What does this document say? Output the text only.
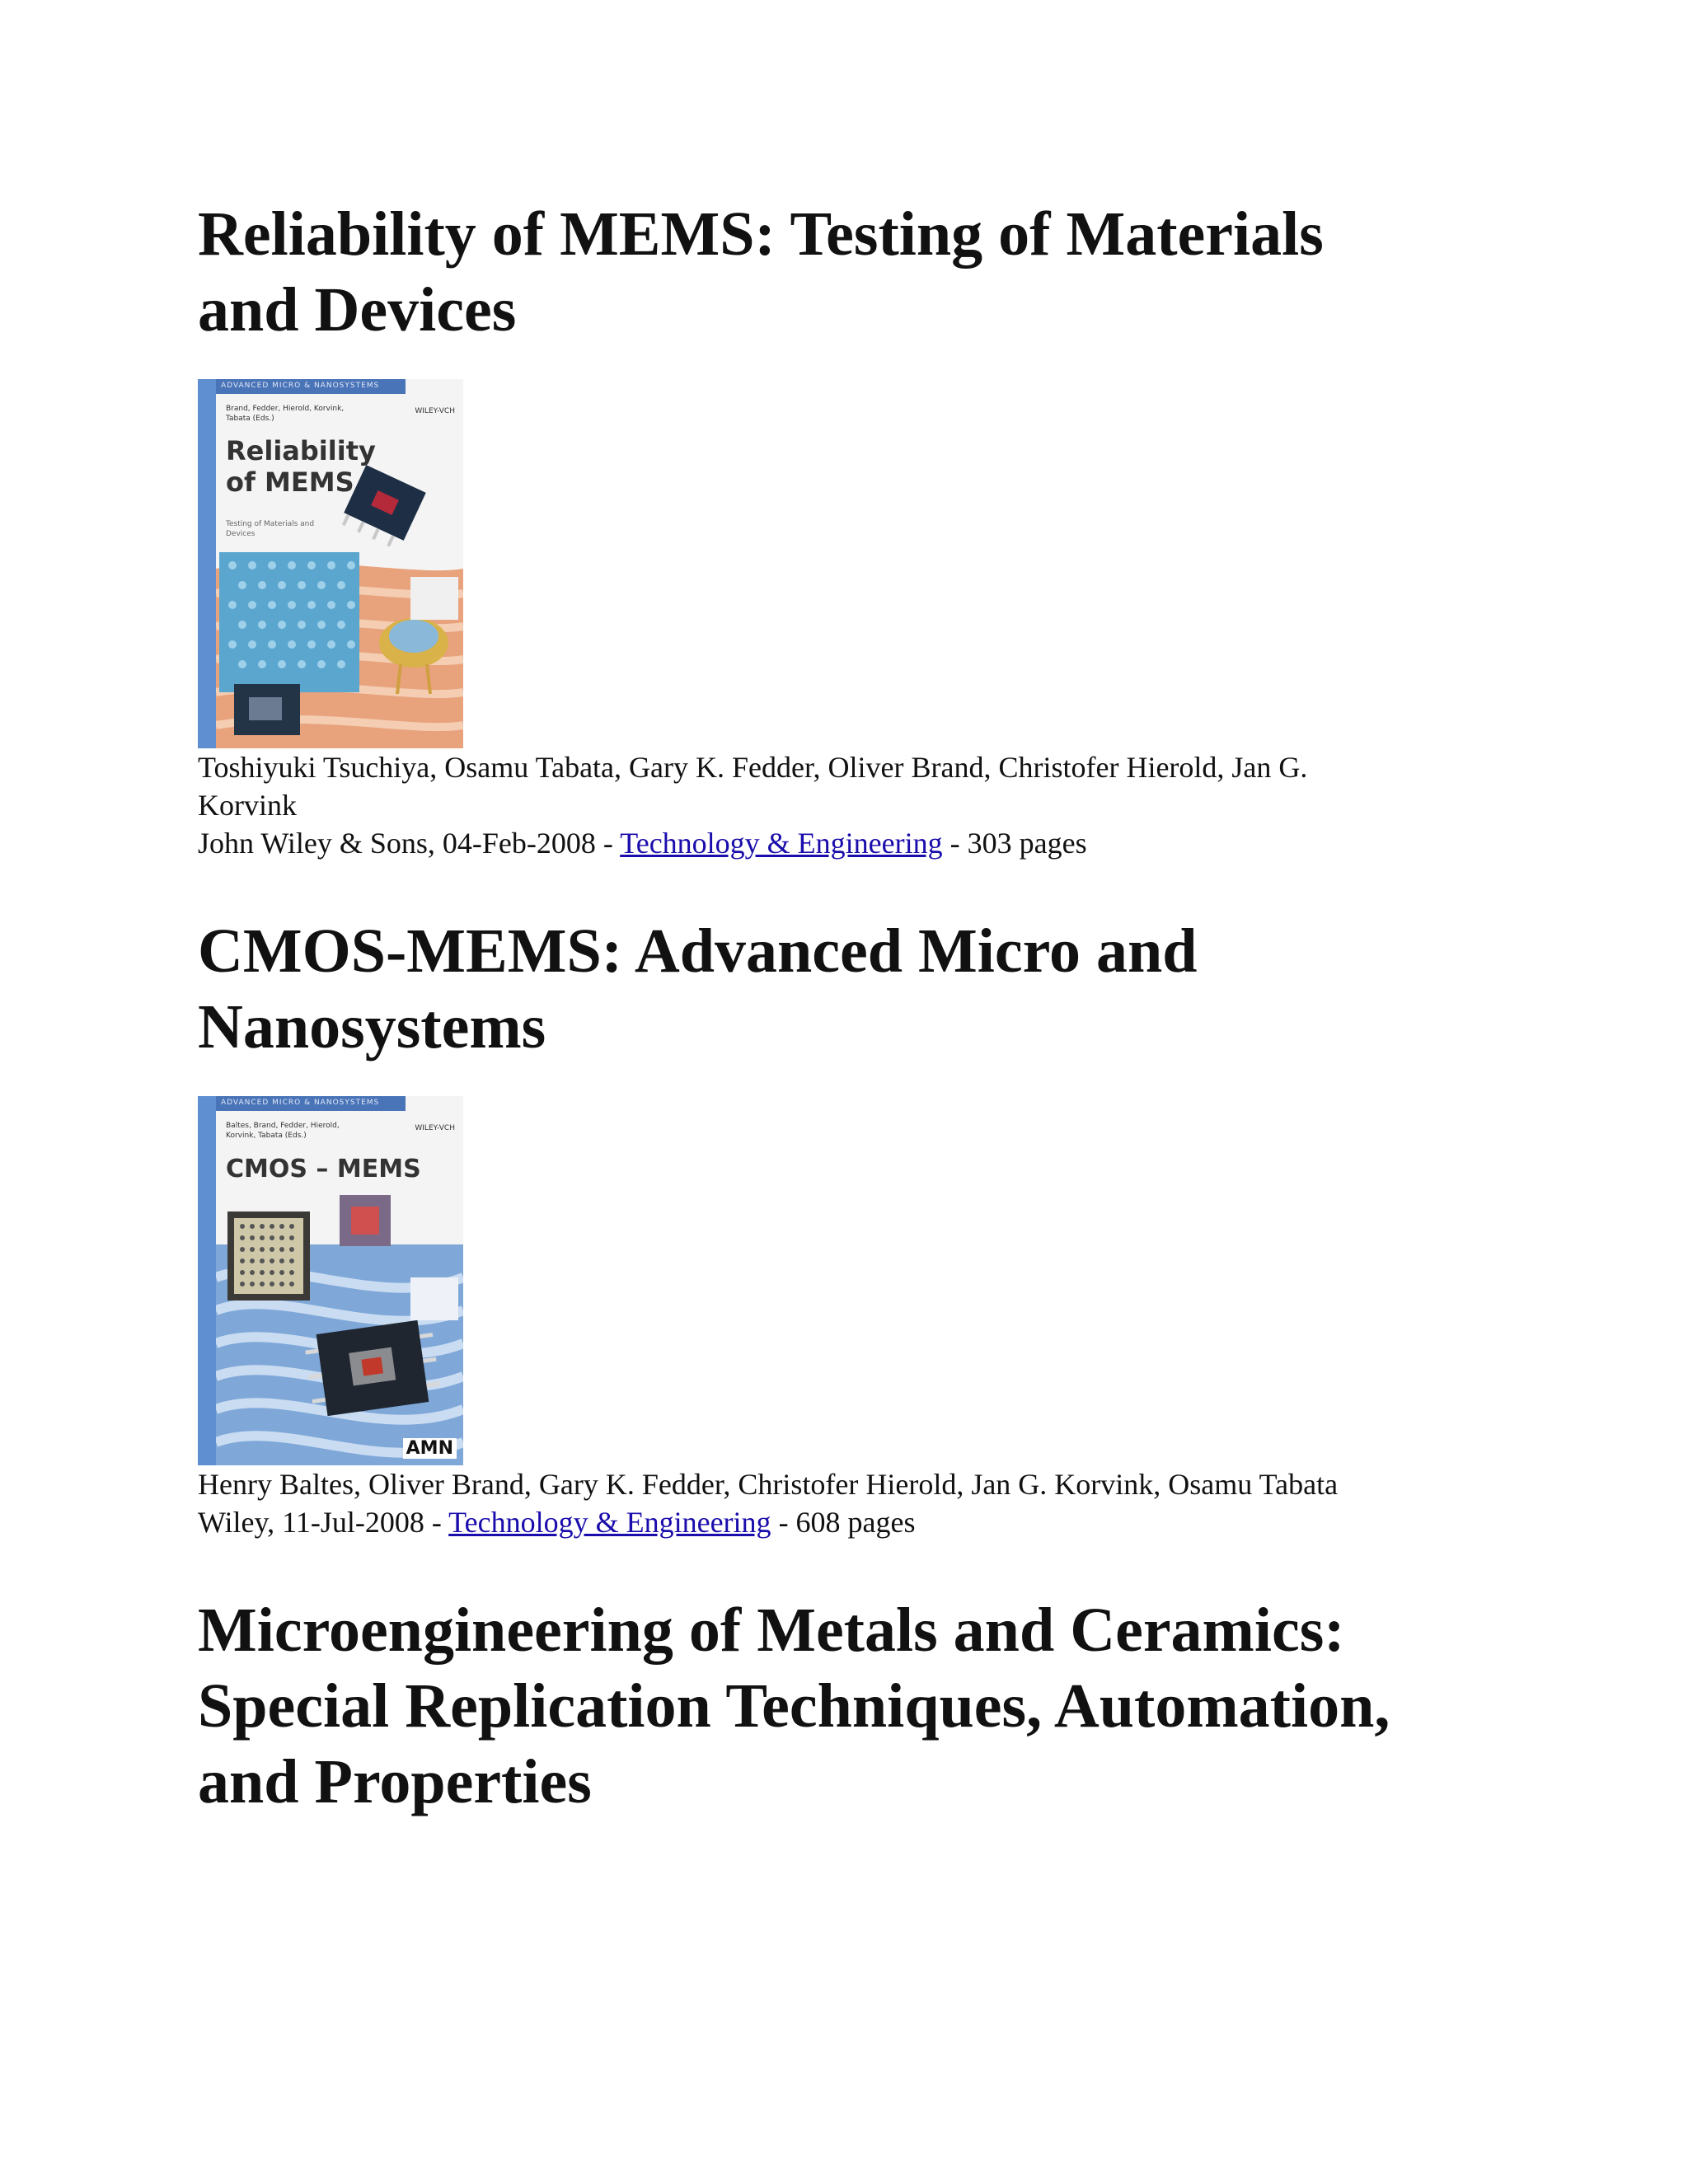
Reliability of MEMS: Testing of Materials
and Devices
ADVANCED MICRO & NANOSYSTEMS
Brand, Fedder, Hierold, Korvink, Tabata (Eds.)
WILEY-VCH
Reliability
of MEMS
Testing of Materials and Devices

Toshiyuki Tsuchiya, Osamu Tabata, Gary K. Fedder, Oliver Brand, Christofer Hierold, Jan G.
Korvink

John Wiley & Sons, 04-Feb-2008 - Technology & Engineering - 303 pages

CMOS-MEMS: Advanced Micro and
Nanosystems
ADVANCED MICRO & NANOSYSTEMS
Baltes, Brand, Fedder, Hierold, Korvink, Tabata (Eds.)
WILEY-VCH
CMOS – MEMS
AMN

Henry Baltes, Oliver Brand, Gary K. Fedder, Christofer Hierold, Jan G. Korvink, Osamu Tabata

Wiley, 11-Jul-2008 - Technology & Engineering - 608 pages

Microengineering of Metals and Ceramics:
Special Replication Techniques, Automation,
and Properties
